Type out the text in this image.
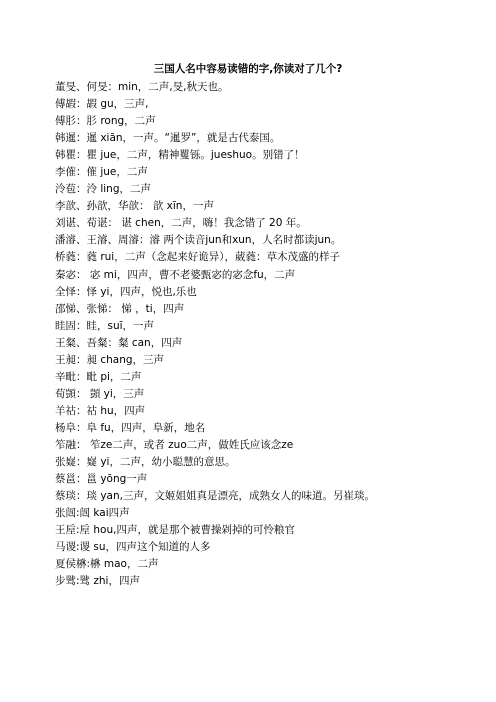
三国人名中容易读错的字,你读对了几个?
董旻、何旻：min，二声,旻,秋天也。
傅嘏：嘏 gu，三声,
傅肜：肜 rong，二声
韩暹：暹 xiān，一声。“暹罗”，就是古代泰国。
韩瞿：瞿 jue，二声，精神矍铄。jueshuo。别错了！
李傕：傕 jue，二声
泠苞：泠 ling，二声
李歆、孙歆，华歆： 歆 xīn，一声
刘谌、荀谌： 谌 chen，二声，嗨！我念错了 20 年。
潘濬、王濬、周濬：濬 两个读音jun和xun，人名时都读jun。
桥蕤：蕤 rui，二声（念起来好诡异），葳蕤：草木茂盛的样子
秦宓： 宓 mi，四声，曹不老婆甄宓的宓念fu，二声
全怿：怿 yi，四声，悦也,乐也
邵悌、张悌： 悌 ，ti，四声
眭固：眭，suī，一声
王粲、吾粲：粲 can，四声
王昶：昶 chang，三声
辛毗：毗 pi，二声
荀顗： 顗 yi，三声
羊祜：祜 hu，四声
杨阜：阜 fu，四声，阜新，地名
笮融： 笮ze二声，或者 zuo二声，做姓氏应该念ze
张嶷：嶷 yi，二声，幼小聪慧的意思。
蔡邕：邕 yōng一声
蔡琰：琰 yan,三声，文姬姐姐真是漂亮，成熟女人的味道。另崔琰。
张闿:闿 kai四声
王垕:垕 hou,四声，就是那个被曹操剁掉的可怜粮官
马谡:谡 su，四声这个知道的人多
夏侯楙:楙 mao，二声
步骘:骘 zhi，四声
